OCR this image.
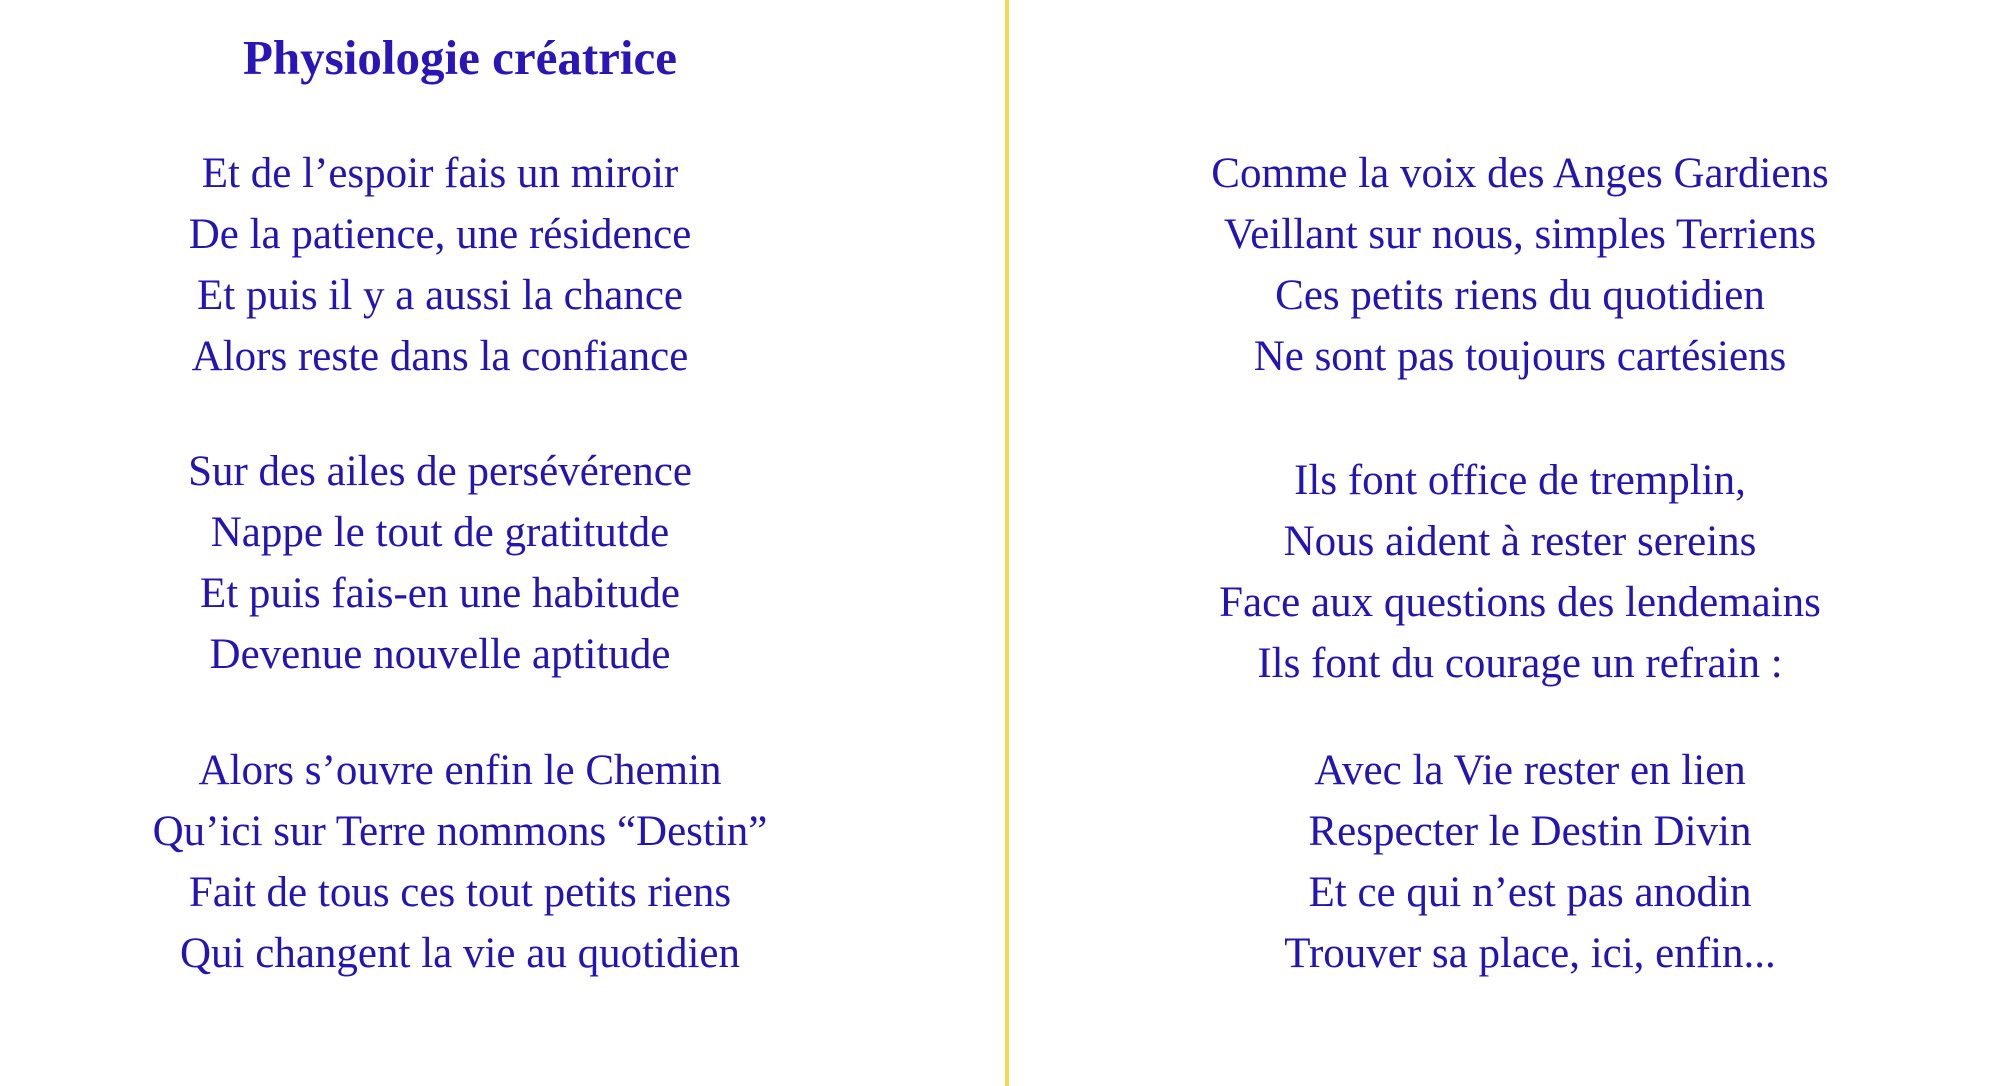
Physiologie créatrice
Et de l’espoir fais un miroir
De la patience, une résidence
Et puis il y a aussi la chance
Alors reste dans la confiance
Sur des ailes de persévérence
Nappe le tout de gratitutde
Et puis fais-en une habitude
Devenue nouvelle aptitude
Alors s’ouvre enfin le Chemin
Qu’ici sur Terre nommons “Destin”
Fait de tous ces tout petits riens
Qui changent la vie au quotidien
Comme la voix des Anges Gardiens
Veillant sur nous, simples Terriens
Ces petits riens du quotidien
Ne sont pas toujours cartésiens
Ils font office de tremplin,
Nous aident à rester sereins
Face aux questions des lendemains
Ils font du courage un refrain :
Avec la Vie rester en lien
Respecter le Destin Divin
Et ce qui n’est pas anodin
Trouver sa place, ici, enfin...
